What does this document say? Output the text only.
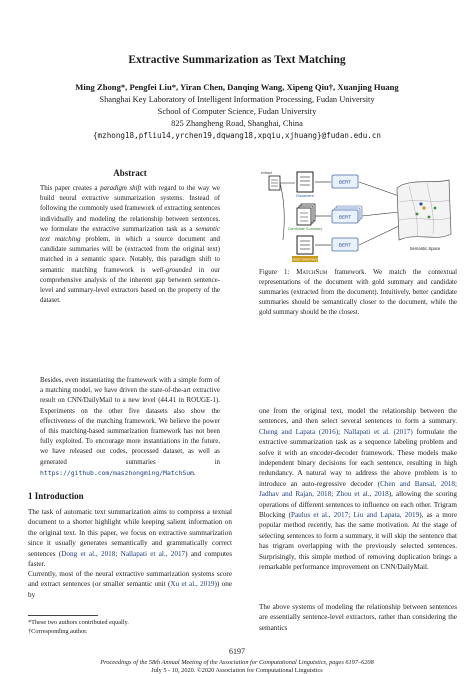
Extractive Summarization as Text Matching
Ming Zhong*, Pengfei Liu*, Yiran Chen, Danqing Wang, Xipeng Qiu†, Xuanjing Huang
Shanghai Key Laboratory of Intelligent Information Processing, Fudan University
School of Computer Science, Fudan University
825 Zhangheng Road, Shanghai, China
{mzhong18,pfliu14,yrchen19,dqwang18,xpqiu,xjhuang}@fudan.edu.cn
Abstract
This paper creates a paradigm shift with regard to the way we build neural extractive summarization systems. Instead of following the commonly used framework of extracting sentences individually and modeling the relationship between sentences, we formulate the extractive summarization task as a semantic text matching problem, in which a source document and candidate summaries will be (extracted from the original text) matched in a semantic space. Notably, this paradigm shift to semantic matching framework is well-grounded in our comprehensive analysis of the inherent gap between sentence-level and summary-level extractors based on the property of the dataset.
Besides, even instantiating the framework with a simple form of a matching model, we have driven the state-of-the-art extractive result on CNN/DailyMail to a new level (44.41 in ROUGE-1). Experiments on the other five datasets also show the effectiveness of the matching framework. We believe the power of this matching-based summarization framework has not been fully exploited. To encourage more instantiations in the future, we have released our codes, processed dataset, as well as generated summaries in https://github.com/maszhongming/MatchSum.
1 Introduction
The task of automatic text summarization aims to compress a textual document to a shorter highlight while keeping salient information on the original text. In this paper, we focus on extractive summarization since it usually generates semantically and grammatically correct sentences (Dong et al., 2018; Nallapati et al., 2017) and computes faster.
Currently, most of the neural extractive summarization systems score and extract sentences (or smaller semantic unit (Xu et al., 2019)) one by
*These two authors contributed equally.
†Corresponding author.
extract
Document
Candidate Summary
Gold Summary
BERT
BERT
BERT
Semantic Space
Figure 1: MatchSum framework. We match the contextual representations of the document with gold summary and candidate summaries (extracted from the document). Intuitively, better candidate summaries should be semantically closer to the document, while the gold summary should be the closest.
one from the original text, model the relationship between the sentences, and then select several sentences to form a summary. Cheng and Lapata (2016); Nallapati et al. (2017) formulate the extractive summarization task as a sequence labeling problem and solve it with an encoder-decoder framework. These models make independent binary decisions for each sentence, resulting in high redundancy. A natural way to address the above problem is to introduce an auto-regressive decoder (Chen and Bansal, 2018; Jadhav and Rajan, 2018; Zhou et al., 2018), allowing the scoring operations of different sentences to influence on each other. Trigram Blocking (Paulus et al., 2017; Liu and Lapata, 2019), as a more popular method recently, has the same motivation. At the stage of selecting sentences to form a summary, it will skip the sentence that has trigram overlapping with the previously selected sentences. Surprisingly, this simple method of removing duplication brings a remarkable performance improvement on CNN/DailyMail.
The above systems of modeling the relationship between sentences are essentially sentence-level extractors, rather than considering the semantics
6197
Proceedings of the 58th Annual Meeting of the Association for Computational Linguistics, pages 6197–6208
July 5 - 10, 2020. ©2020 Association for Computational Linguistics
